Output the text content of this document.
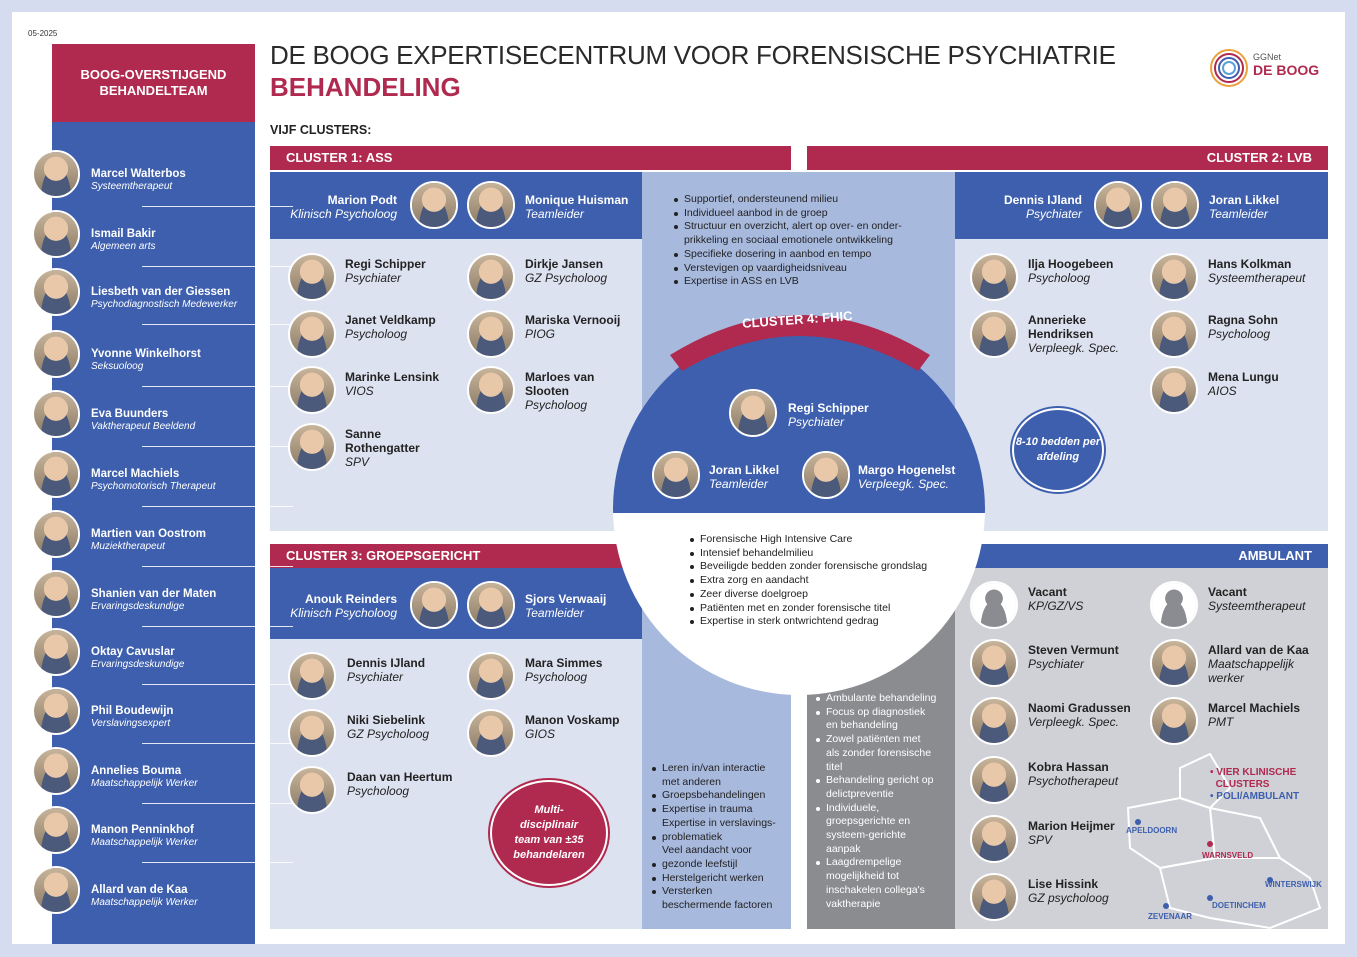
05-2025
BOOG-OVERSTIJGEND
BEHANDELTEAM
DE BOOG EXPERTISECENTRUM VOOR FORENSISCHE PSYCHIATRIE
BEHANDELING
GGNet
DE BOOG
VIJF CLUSTERS:
CLUSTER 1: ASS	CLUSTER 2: LVB
CLUSTER 3: GROEPSGERICHT	AMBULANT
CLUSTER 4: FHIC
Marcel Walterbos
Systeemtherapeut
Ismail Bakir
Algemeen arts
Liesbeth van der Giessen
Psychodiagnostisch Medewerker
Yvonne Winkelhorst
Seksuoloog
Eva Buunders
Vaktherapeut Beeldend
Marcel Machiels
Psychomotorisch Therapeut
Martien van Oostrom
Muziektherapeut
Shanien van der Maten
Ervaringsdeskundige
Oktay Cavuslar
Ervaringsdeskundige
Phil Boudewijn
Verslavingsexpert
Annelies Bouma
Maatschappelijk Werker
Manon Penninkhof
Maatschappelijk Werker
Allard van de Kaa
Maatschappelijk Werker
Marion Podt
Klinisch Psycholoog
Monique Huisman
Teamleider
Regi Schipper
Psychiater
Dirkje Jansen
GZ Psycholoog
Janet Veldkamp
Psycholoog
Mariska Vernooij
PIOG
Marinke Lensink
VIOS
Marloes van Slooten
Psycholoog
Sanne Rothengatter
SPV
Dennis IJland
Psychiater
Joran Likkel
Teamleider
Ilja Hoogebeen
Psycholoog
Hans Kolkman
Systeemtherapeut
Annerieke Hendriksen
Verpleegk. Spec.
Ragna Sohn
Psycholoog
Mena Lungu
AIOS
Supportief, ondersteunend milieu
Individueel aanbod in de groep
Structuur en overzicht, alert op over- en onder-
prikkeling en sociaal emotionele ontwikkeling
Specifieke dosering in aanbod en tempo
Verstevigen op vaardigheidsniveau
Expertise in ASS en LVB
8-10 bedden per afdeling
Regi Schipper
Psychiater
Joran Likkel
Teamleider
Margo Hogenelst
Verpleegk. Spec.
Forensische High Intensive Care
Intensief behandelmilieu
Beveiligde bedden zonder forensische grondslag
Extra zorg en aandacht
Zeer diverse doelgroep
Patiënten met en zonder forensische titel
Expertise in sterk ontwrichtend gedrag
Anouk Reinders
Klinisch Psycholoog
Sjors Verwaaij
Teamleider
Dennis IJland
Psychiater
Mara Simmes
Psycholoog
Niki Siebelink
GZ Psycholoog
Manon Voskamp
GIOS
Daan van Heertum
Psycholoog
Multi-disciplinair team van ±35 behandelaren
Leren in/van interactie
met anderen
Groepsbehandelingen
Expertise in trauma
Expertise in verslavings-
problematiek
Veel aandacht voor
gezonde leefstijl
Herstelgericht werken
Versterken
beschermende factoren
Vacant
KP/GZ/VS
Vacant
Systeemtherapeut
Steven Vermunt
Psychiater
Allard van de Kaa
Maatschappelijk werker
Naomi Gradussen
Verpleegk. Spec.
Marcel Machiels
PMT
Kobra Hassan
Psychotherapeut
Marion Heijmer
SPV
Lise Hissink
GZ psycholoog
Ambulante behandeling
Focus op diagnostiek
en behandeling
Zowel patiënten met
als zonder forensische
titel
Behandeling gericht op
delictpreventie
Individuele,
groepsgerichte en
systeem-gerichte
aanpak
Laagdrempelige
mogelijkheid tot
inschakelen collega's
vaktherapie
• VIER KLINISCHE
CLUSTERS
• POLI/AMBULANT
APELDOORN
WARNSVELD
WINTERSWIJK
DOETINCHEM
ZEVENAAR
